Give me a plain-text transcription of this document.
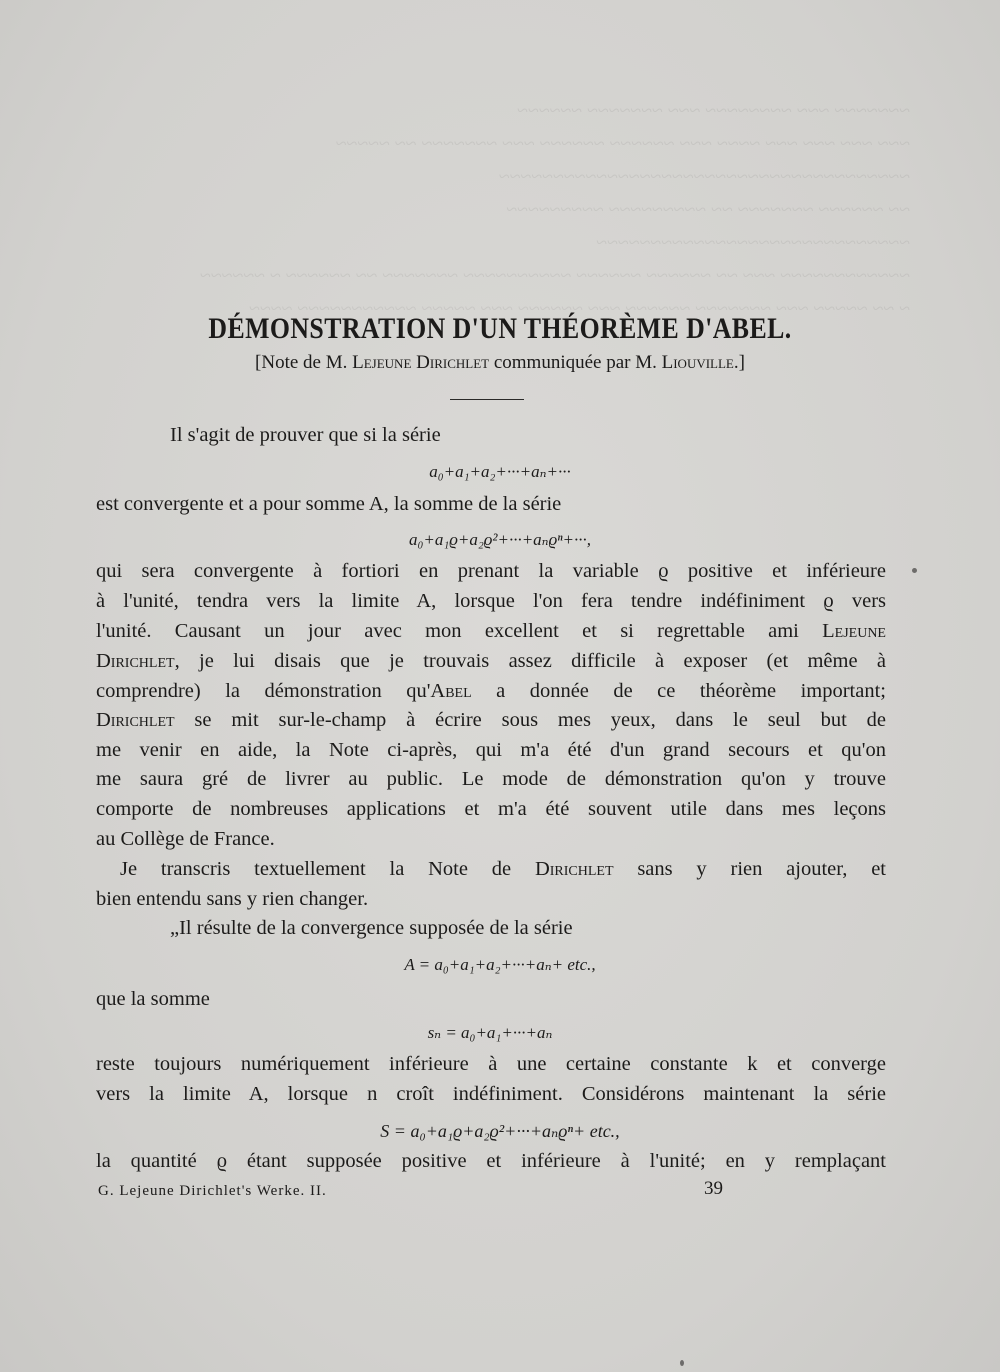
~~~~~~~ ~~~ ~~~~~~~~ ~~~ ~~~~~~~ ~~~~~~

~~~ ~~~ ~~~ ~~~ ~~~~ ~~~ ~~~~~~ ~~~~~~ ~~~ ~~~~~~~ ~~ ~~~~~

~~~~~~~~~~~~~~~~~~~~~~~~~~~~~~~~~~~~~~

~~ ~~~~~~ ~~~~~~~ ~~ ~~~~~~~~~ ~~~~~~~~~

~~~~~~~~~~~~~~~~~~~~~~~~~~~~~

~~~~~~~~~~~~ ~~~ ~~ ~~~~~~ ~~~~~~ ~~~~~~~~~~ ~~~~~~~ ~~ ~~~~~~ ~ ~~~~~~

~ ~~ ~~~~~ ~~~ ~~~~~~~ ~~~~~~ ~~~ ~~~~~~ ~~~ ~~~~~ ~~~~~~~~~~~ ~~~~

DÉMONSTRATION D'UN THÉORÈME D'ABEL.

[Note de M. Lejeune Dirichlet communiquée par M. Liouville.]

Il s'agit de prouver que si la série

a₀+a₁+a₂+···+aₙ+···

est convergente et a pour somme A, la somme de la série

a₀+a₁ϱ+a₂ϱ²+···+aₙϱⁿ+···,

qui sera convergente à fortiori en prenant la variable ϱ positive et inférieure

à l'unité, tendra vers la limite A, lorsque l'on fera tendre indéfiniment ϱ vers

l'unité. Causant un jour avec mon excellent et si regrettable ami Lejeune

Dirichlet, je lui disais que je trouvais assez difficile à exposer (et même à

comprendre) la démonstration qu'Abel a donnée de ce théorème important;

Dirichlet se mit sur-le-champ à écrire sous mes yeux, dans le seul but de

me venir en aide, la Note ci-après, qui m'a été d'un grand secours et qu'on

me saura gré de livrer au public. Le mode de démonstration qu'on y trouve

comporte de nombreuses applications et m'a été souvent utile dans mes leçons

au Collège de France.

Je transcris textuellement la Note de Dirichlet sans y rien ajouter, et

bien entendu sans y rien changer.

„Il résulte de la convergence supposée de la série

A = a₀+a₁+a₂+···+aₙ+ etc.,

que la somme

sₙ = a₀+a₁+···+aₙ

reste toujours numériquement inférieure à une certaine constante k et converge

vers la limite A, lorsque n croît indéfiniment. Considérons maintenant la série

S = a₀+a₁ϱ+a₂ϱ²+···+aₙϱⁿ+ etc.,

la quantité ϱ étant supposée positive et inférieure à l'unité; en y remplaçant

G. Lejeune Dirichlet's Werke. II.	39
